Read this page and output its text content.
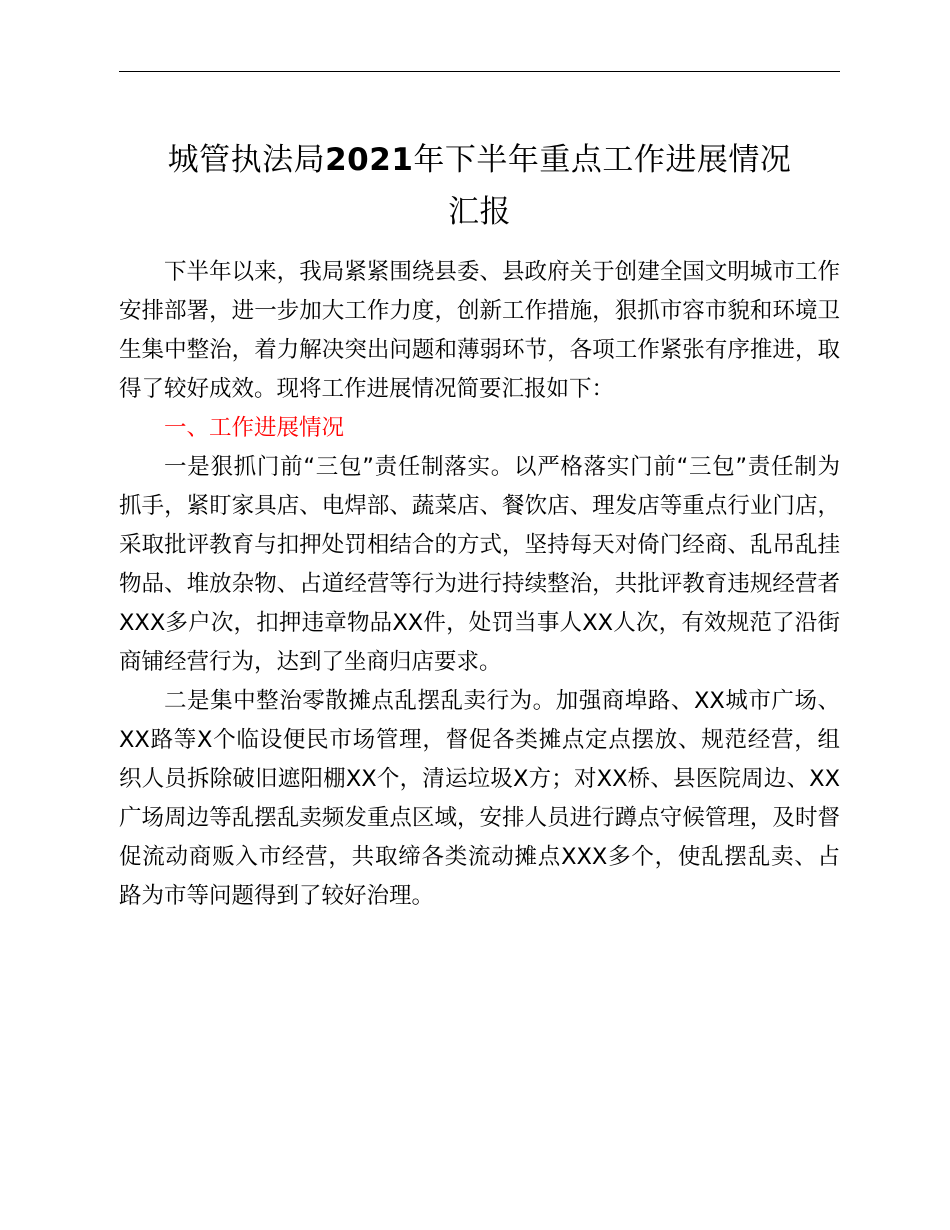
城管执法局2021年下半年重点工作进展情况
汇报

下半年以来，我局紧紧围绕县委、县政府关于创建全国文明城市工作安排部署，进一步加大工作力度，创新工作措施，狠抓市容市貌和环境卫生集中整治，着力解决突出问题和薄弱环节，各项工作紧张有序推进，取得了较好成效。现将工作进展情况简要汇报如下：

一、工作进展情况

一是狠抓门前“三包”责任制落实。以严格落实门前“三包”责任制为抓手，紧盯家具店、电焊部、蔬菜店、餐饮店、理发店等重点行业门店，采取批评教育与扣押处罚相结合的方式，坚持每天对倚门经商、乱吊乱挂物品、堆放杂物、占道经营等行为进行持续整治，共批评教育违规经营者XXX多户次，扣押违章物品XX件，处罚当事人XX人次，有效规范了沿街商铺经营行为，达到了坐商归店要求。

二是集中整治零散摊点乱摆乱卖行为。加强商埠路、XX城市广场、XX路等X个临设便民市场管理，督促各类摊点定点摆放、规范经营，组织人员拆除破旧遮阳棚XX个，清运垃圾X方；对XX桥、县医院周边、XX广场周边等乱摆乱卖频发重点区域，安排人员进行蹲点守候管理，及时督促流动商贩入市经营，共取缔各类流动摊点XXX多个，使乱摆乱卖、占路为市等问题得到了较好治理。
